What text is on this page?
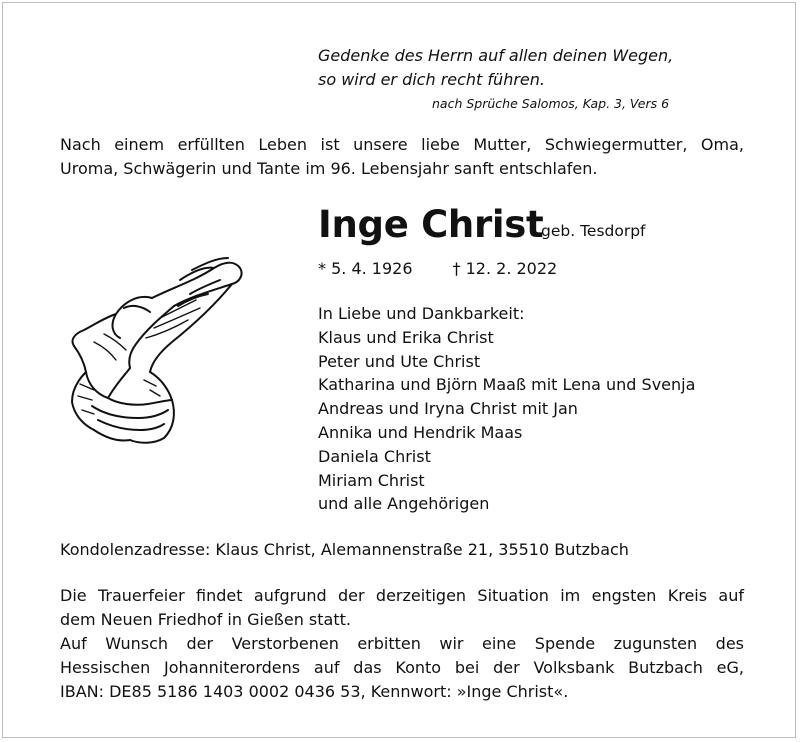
Gedenke des Herrn auf allen deinen Wegen,
so wird er dich recht führen.
nach Sprüche Salomos, Kap. 3, Vers 6
Nach einem erfüllten Leben ist unsere liebe Mutter, Schwiegermutter, Oma,
Uroma, Schwägerin und Tante im 96. Lebensjahr sanft entschlafen.
Inge Christ
geb. Tesdorpf
* 5. 4. 1926	† 12. 2. 2022
In Liebe und Dankbarkeit:
Klaus und Erika Christ
Peter und Ute Christ
Katharina und Björn Maaß mit Lena und Svenja
Andreas und Iryna Christ mit Jan
Annika und Hendrik Maas
Daniela Christ
Miriam Christ
und alle Angehörigen
Kondolenzadresse: Klaus Christ, Alemannenstraße 21, 35510 Butzbach
Die Trauerfeier findet aufgrund der derzeitigen Situation im engsten Kreis auf
dem Neuen Friedhof in Gießen statt.
Auf Wunsch der Verstorbenen erbitten wir eine Spende zugunsten des
Hessischen Johanniterordens auf das Konto bei der Volksbank Butzbach eG,
IBAN: DE85 5186 1403 0002 0436 53, Kennwort: »Inge Christ«.
